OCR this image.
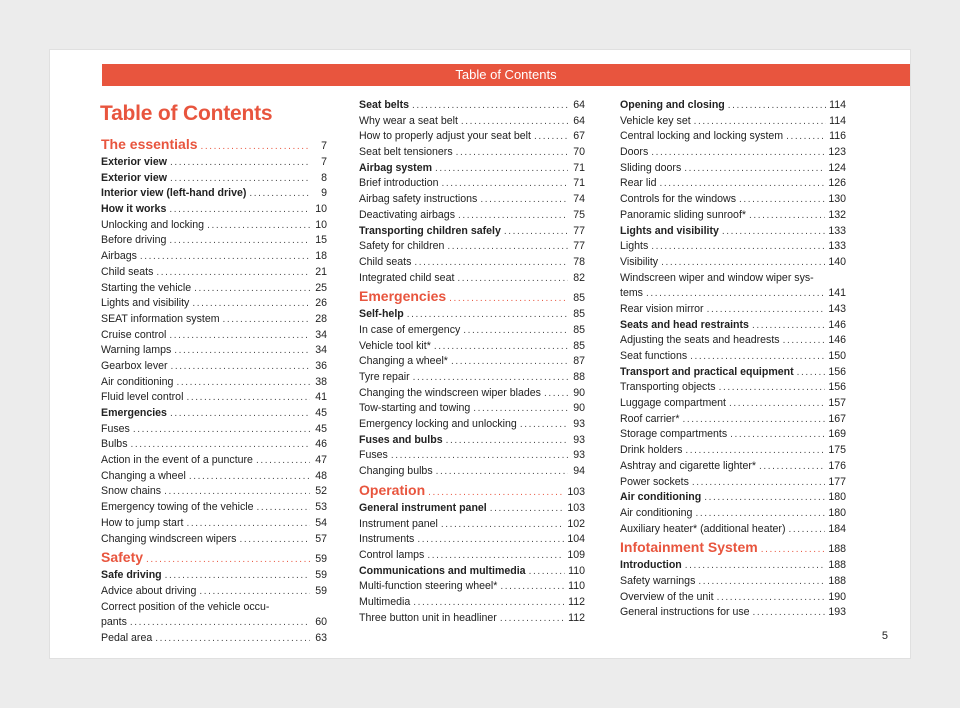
Table of Contents
Table of Contents
The essentials .....	7
Exterior view .....	7
Exterior view .....	8
Interior view (left-hand drive) .....	9
How it works .....	10
Unlocking and locking .....	10
Before driving .....	15
Airbags .....	18
Child seats .....	21
Starting the vehicle .....	25
Lights and visibility .....	26
SEAT information system .....	28
Cruise control .....	34
Warning lamps .....	34
Gearbox lever .....	36
Air conditioning .....	38
Fluid level control .....	41
Emergencies .....	45
Fuses .....	45
Bulbs .....	46
Action in the event of a puncture .....	47
Changing a wheel .....	48
Snow chains .....	52
Emergency towing of the vehicle .....	53
How to jump start .....	54
Changing windscreen wipers .....	57
Safety .....	59
Safe driving .....	59
Advice about driving .....	59
Correct position of the vehicle occu-
pants .....	60
Pedal area .....	63
Seat belts .....	64
Why wear a seat belt .....	64
How to properly adjust your seat belt .....	67
Seat belt tensioners .....	70
Airbag system .....	71
Brief introduction .....	71
Airbag safety instructions .....	74
Deactivating airbags .....	75
Transporting children safely .....	77
Safety for children .....	77
Child seats .....	78
Integrated child seat .....	82
Emergencies .....	85
Self-help .....	85
In case of emergency .....	85
Vehicle tool kit* .....	85
Changing a wheel* .....	87
Tyre repair .....	88
Changing the windscreen wiper blades .....	90
Tow-starting and towing .....	90
Emergency locking and unlocking .....	93
Fuses and bulbs .....	93
Fuses .....	93
Changing bulbs .....	94
Operation .....	103
General instrument panel .....	103
Instrument panel .....	102
Instruments .....	104
Control lamps .....	109
Communications and multimedia .....	110
Multi-function steering wheel* .....	110
Multimedia .....	112
Three button unit in headliner .....	112
Opening and closing .....	114
Vehicle key set .....	114
Central locking and locking system .....	116
Doors .....	123
Sliding doors .....	124
Rear lid .....	126
Controls for the windows .....	130
Panoramic sliding sunroof* .....	132
Lights and visibility .....	133
Lights .....	133
Visibility .....	140
Windscreen wiper and window wiper sys-
tems .....	141
Rear vision mirror .....	143
Seats and head restraints .....	146
Adjusting the seats and headrests .....	146
Seat functions .....	150
Transport and practical equipment .....	156
Transporting objects .....	156
Luggage compartment .....	157
Roof carrier* .....	167
Storage compartments .....	169
Drink holders .....	175
Ashtray and cigarette lighter* .....	176
Power sockets .....	177
Air conditioning .....	180
Air conditioning .....	180
Auxiliary heater* (additional heater) .....	184
Infotainment System .....	188
Introduction .....	188
Safety warnings .....	188
Overview of the unit .....	190
General instructions for use .....	193
5
